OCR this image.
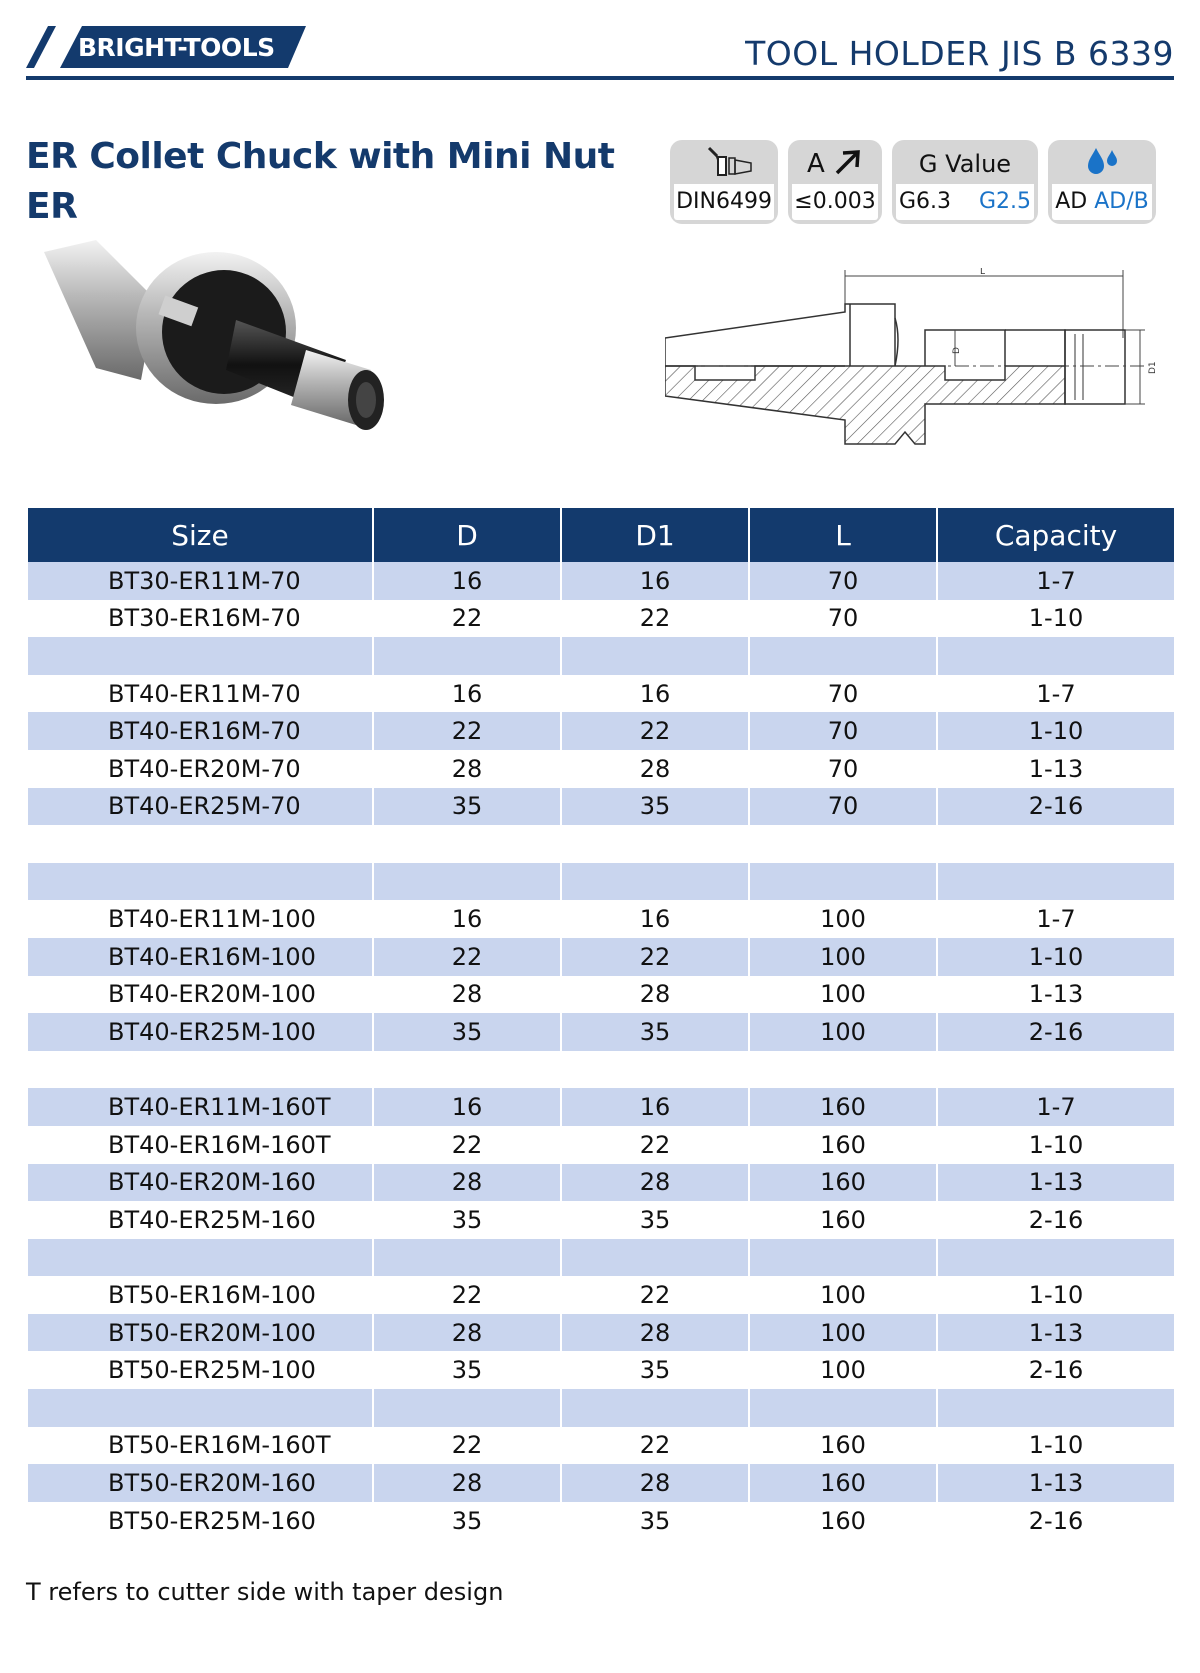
BRIGHT-TOOLS	TOOL HOLDER JIS B 6339
ER Collet Chuck with Mini Nut
ER	DIN6499
A
≤0.003
G Value
G6.3 G2.5 AD AD/B
L
D
D1
Size	D	D1	L	Capacity
BT30-ER11M-70	16	16	70	1-7
BT30-ER16M-70	22	22	70	1-10

BT40-ER11M-70	16	16	70	1-7
BT40-ER16M-70	22	22	70	1-10
BT40-ER20M-70	28	28	70	1-13
BT40-ER25M-70	35	35	70	2-16

BT40-ER11M-100	16	16	100	1-7
BT40-ER16M-100	22	22	100	1-10
BT40-ER20M-100	28	28	100	1-13
BT40-ER25M-100	35	35	100	2-16

BT40-ER11M-160T	16	16	160	1-7
BT40-ER16M-160T	22	22	160	1-10
BT40-ER20M-160	28	28	160	1-13
BT40-ER25M-160	35	35	160	2-16

BT50-ER16M-100	22	22	100	1-10
BT50-ER20M-100	28	28	100	1-13
BT50-ER25M-100	35	35	100	2-16

BT50-ER16M-160T	22	22	160	1-10
BT50-ER20M-160	28	28	160	1-13
BT50-ER25M-160	35	35	160	2-16
T refers to cutter side with taper design
